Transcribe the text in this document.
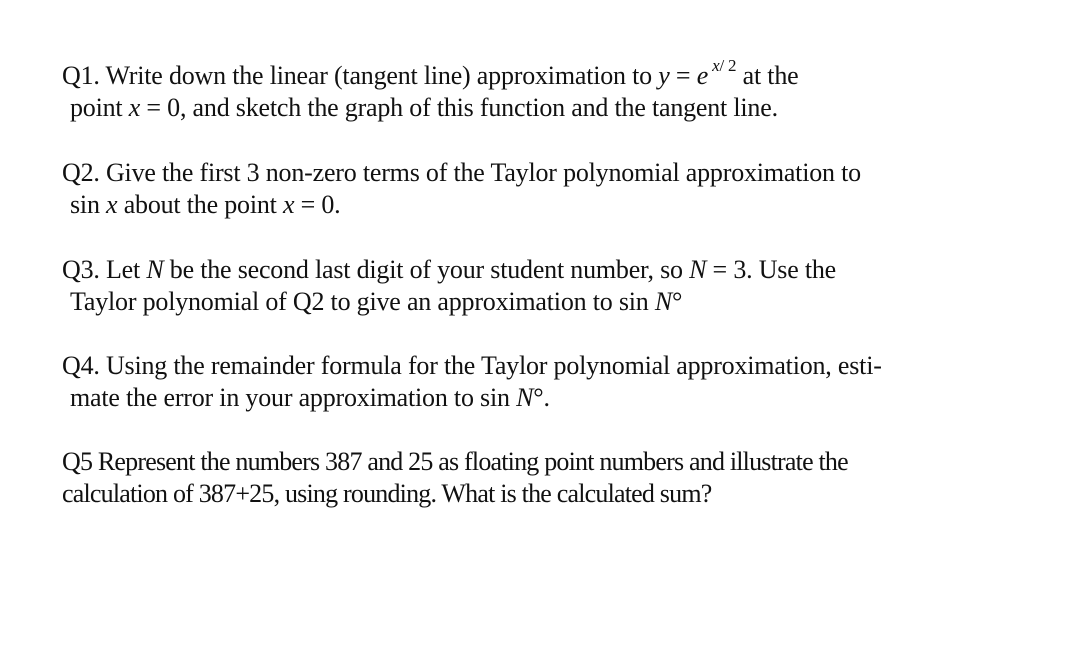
Q1. Write down the linear (tangent line) approximation to y = e $^{x/ 2}$ at the
point x = 0, and sketch the graph of this function and the tangent line.
Q2. Give the first 3 non-zero terms of the Taylor polynomial approximation to
sin x about the point x = 0.
Q3. Let N be the second last digit of your student number, so N = 3. Use the
Taylor polynomial of Q2 to give an approximation to sin N°
Q4. Using the remainder formula for the Taylor polynomial approximation, esti-
mate the error in your approximation to sin N°.
Q5 Represent the numbers 387 and 25 as floating point numbers and illustrate the
calculation of 387+25, using rounding. What is the calculated sum?
